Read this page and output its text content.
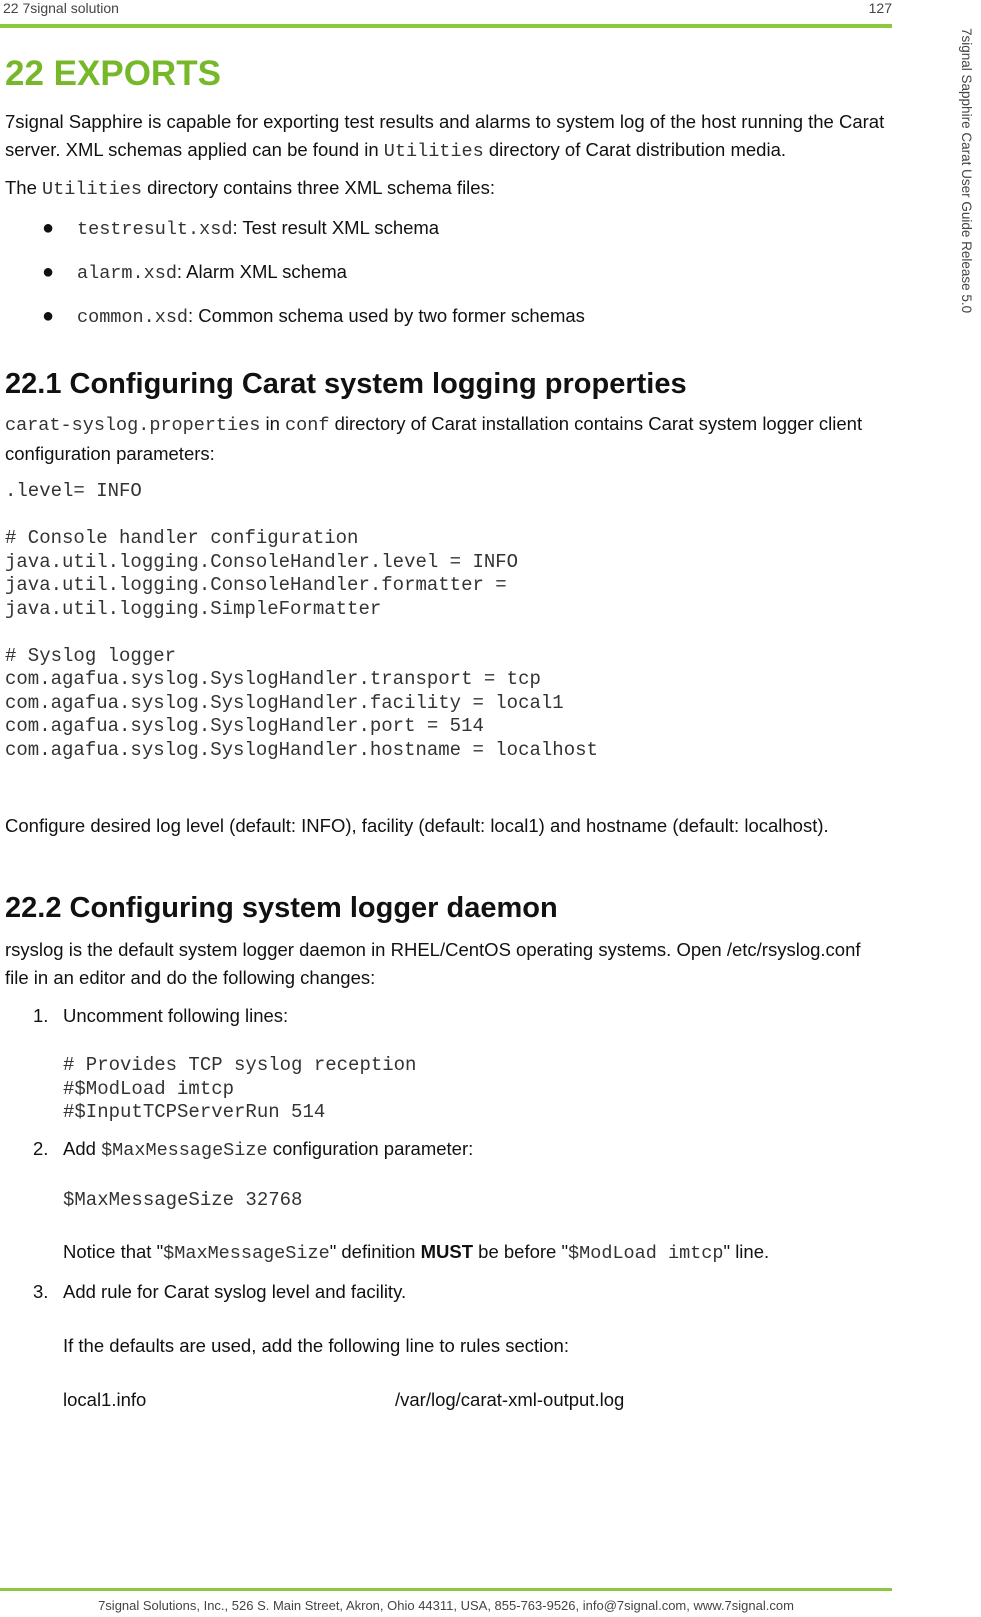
22 7signal solution	127
7signal Sapphire Carat User Guide Release 5.0
22 EXPORTS

7signal Sapphire is capable for exporting test results and alarms to system log of the host running the Carat server. XML schemas applied can be found in Utilities directory of Carat distribution media.

The Utilities directory contains three XML schema files:

● testresult.xsd: Test result XML schema
● alarm.xsd: Alarm XML schema
● common.xsd: Common schema used by two former schemas
22.1 Configuring Carat system logging properties

carat-syslog.properties in conf directory of Carat installation contains Carat system logger client configuration parameters:

.level= INFO

# Console handler configuration
java.util.logging.ConsoleHandler.level = INFO
java.util.logging.ConsoleHandler.formatter =
java.util.logging.SimpleFormatter

# Syslog logger
com.agafua.syslog.SyslogHandler.transport = tcp
com.agafua.syslog.SyslogHandler.facility = local1
com.agafua.syslog.SyslogHandler.port = 514
com.agafua.syslog.SyslogHandler.hostname = localhost

Configure desired log level (default: INFO), facility (default: local1) and hostname (default: localhost).

22.2 Configuring system logger daemon

rsyslog is the default system logger daemon in RHEL/CentOS operating systems. Open /etc/rsyslog.conf file in an editor and do the following changes:

1. Uncomment following lines:

# Provides TCP syslog reception
#$ModLoad imtcp
#$InputTCPServerRun 514
2. Add $MaxMessageSize configuration parameter:

$MaxMessageSize 32768

Notice that "$MaxMessageSize" definition MUST be before "$ModLoad imtcp" line.

3. Add rule for Carat syslog level and facility.

If the defaults are used, add the following line to rules section:

local1.info	/var/log/carat-xml-output.log

7signal Solutions, Inc., 526 S. Main Street, Akron, Ohio 44311, USA, 855-763-9526, info@7signal.com, www.7signal.com
